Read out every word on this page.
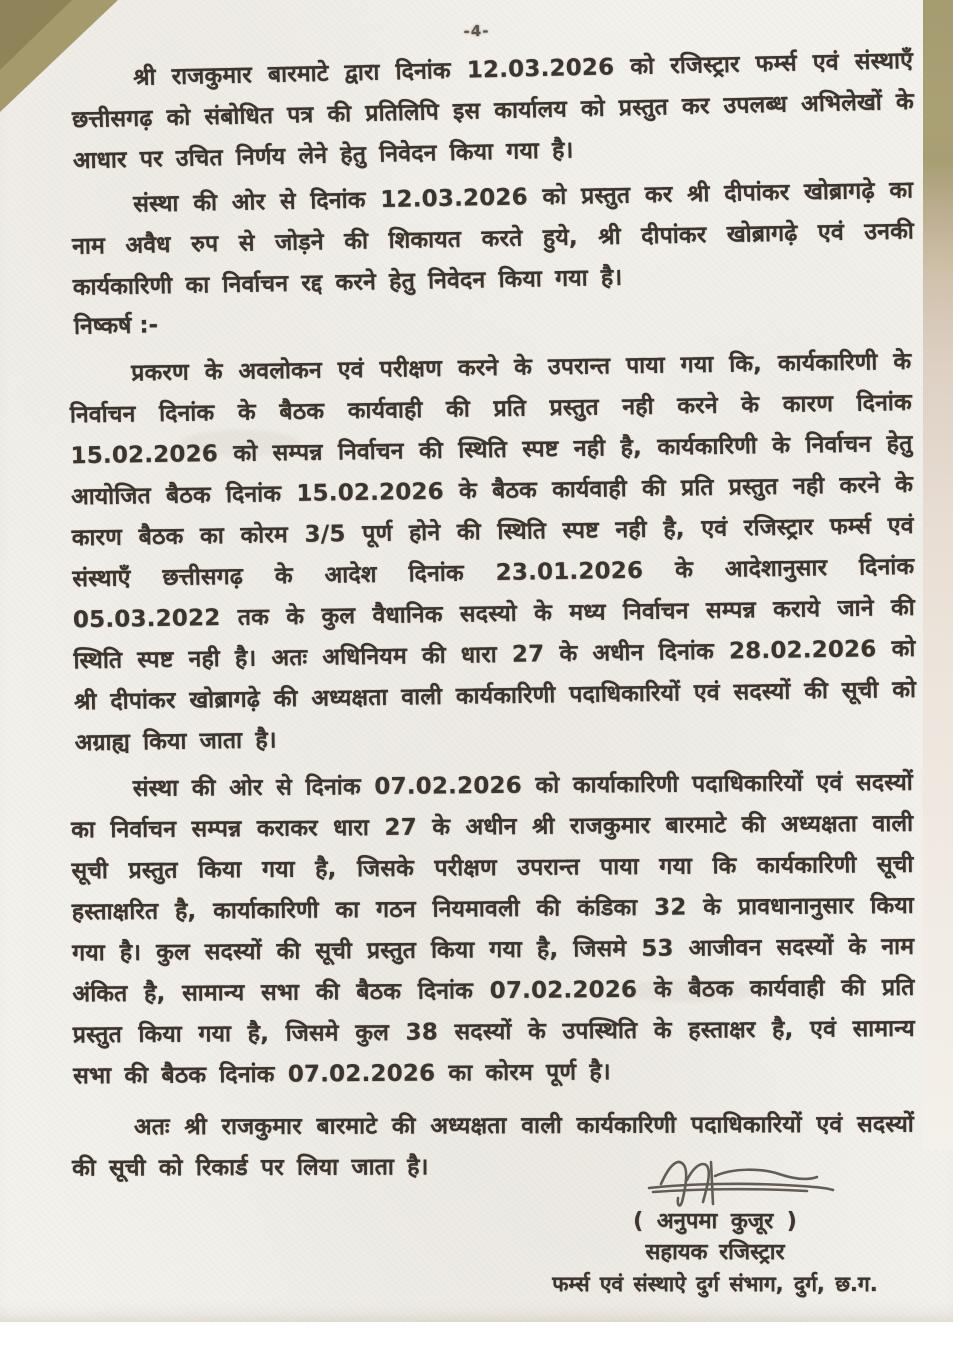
-4-

श्री राजकुमार बारमाटे द्वारा दिनांक 12.03.2026 को रजिस्ट्रार फर्म्स एवं संस्थाएँ छत्तीसगढ़ को संबोधित पत्र की प्रतिलिपि इस कार्यालय को प्रस्तुत कर उपलब्ध अभिलेखों के आधार पर उचित निर्णय लेने हेतु निवेदन किया गया है।

संस्था की ओर से दिनांक 12.03.2026 को प्रस्तुत कर श्री दीपांकर खोब्रागढ़े का नाम अवैध रुप से जोड़ने की शिकायत करते हुये, श्री दीपांकर खोब्रागढ़े एवं उनकी कार्यकारिणी का निर्वाचन रद्द करने हेतु निवेदन किया गया है।

निष्कर्ष :-

प्रकरण के अवलोकन एवं परीक्षण करने के उपरान्त पाया गया कि, कार्यकारिणी के निर्वाचन दिनांक के बैठक कार्यवाही की प्रति प्रस्तुत नही करने के कारण दिनांक 15.02.2026 को सम्पन्न निर्वाचन की स्थिति स्पष्ट नही है, कार्यकारिणी के निर्वाचन हेतु आयोजित बैठक दिनांक 15.02.2026 के बैठक कार्यवाही की प्रति प्रस्तुत नही करने के कारण बैठक का कोरम 3/5 पूर्ण होने की स्थिति स्पष्ट नही है, एवं रजिस्ट्रार फर्म्स एवं संस्थाएँ छत्तीसगढ़ के आदेश दिनांक 23.01.2026 के आदेशानुसार दिनांक 05.03.2022 तक के कुल वैधानिक सदस्यो के मध्य निर्वाचन सम्पन्न कराये जाने की स्थिति स्पष्ट नही है। अतः अधिनियम की धारा 27 के अधीन दिनांक 28.02.2026 को श्री दीपांकर खोब्रागढ़े की अध्यक्षता वाली कार्यकारिणी पदाधिकारियों एवं सदस्यों की सूची को अग्राह्य किया जाता है।

संस्था की ओर से दिनांक 07.02.2026 को कार्याकारिणी पदाधिकारियों एवं सदस्यों का निर्वाचन सम्पन्न कराकर धारा 27 के अधीन श्री राजकुमार बारमाटे की अध्यक्षता वाली सूची प्रस्तुत किया गया है, जिसके परीक्षण उपरान्त पाया गया कि कार्यकारिणी सूची हस्ताक्षरित है, कार्याकारिणी का गठन नियमावली की कंडिका 32 के प्रावधानानुसार किया गया है। कुल सदस्यों की सूची प्रस्तुत किया गया है, जिसमे 53 आजीवन सदस्यों के नाम अंकित है, सामान्य सभा की बैठक दिनांक 07.02.2026 के बैठक कार्यवाही की प्रति प्रस्तुत किया गया है, जिसमे कुल 38 सदस्यों के उपस्थिति के हस्ताक्षर है, एवं सामान्य सभा की बैठक दिनांक 07.02.2026 का कोरम पूर्ण है।

अतः श्री राजकुमार बारमाटे की अध्यक्षता वाली कार्यकारिणी पदाधिकारियों एवं सदस्यों की सूची को रिकार्ड पर लिया जाता है।

( अनुपमा कुजूर )
सहायक रजिस्ट्रार
फर्म्स एवं संस्थाऐ दुर्ग संभाग, दुर्ग, छ.ग.
